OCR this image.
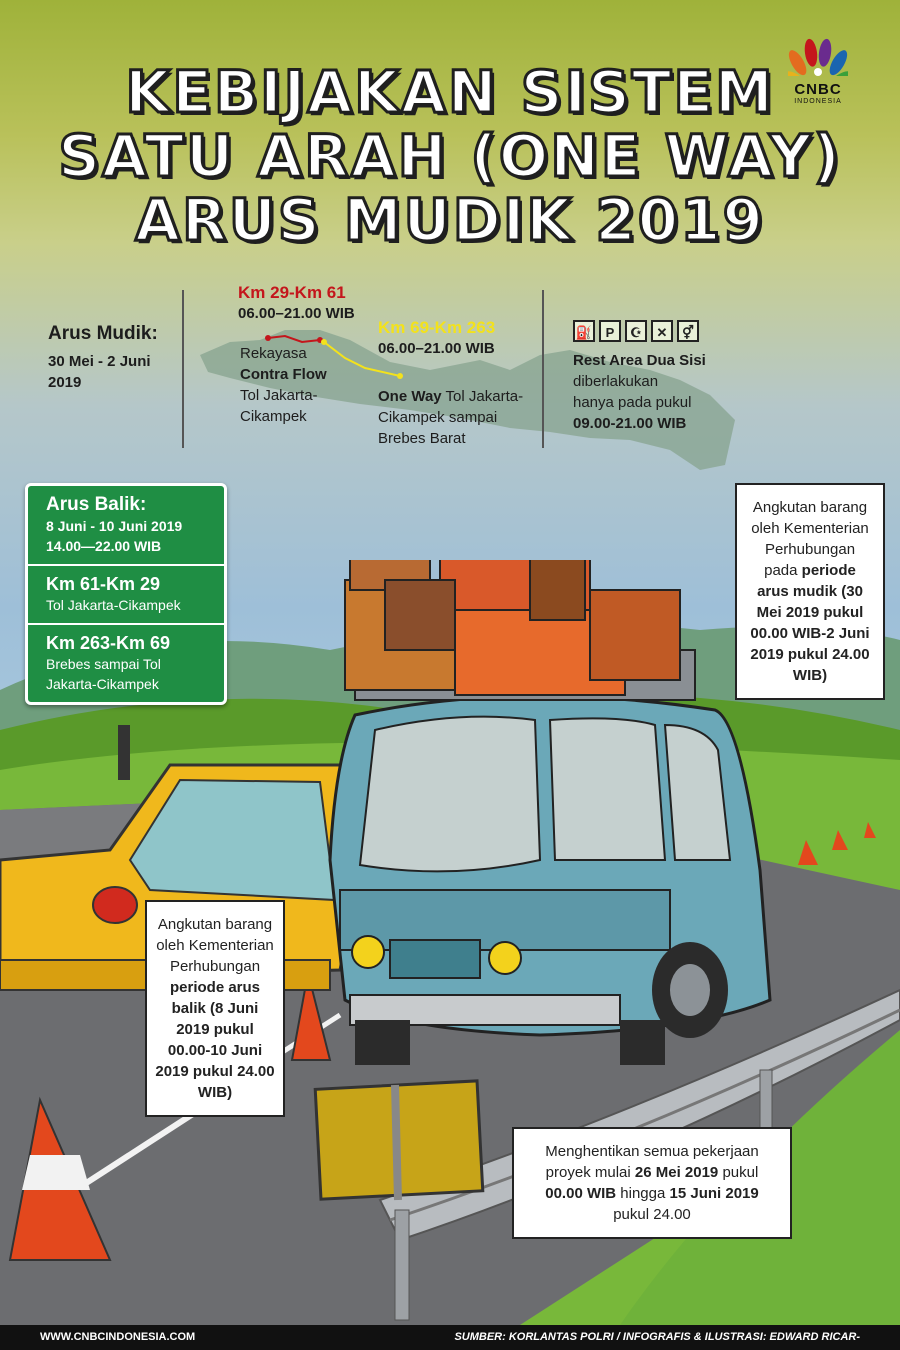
KEBIJAKAN SISTEM
SATU ARAH (ONE WAY)
ARUS MUDIK 2019
CNBC
INDONESIA
Arus Mudik:
30 Mei - 2 Juni 2019
Km 29-Km 61
06.00–21.00 WIB
Rekayasa
Contra Flow
Tol Jakarta-Cikampek
Km 69-Km 263
06.00–21.00 WIB
One Way Tol Jakarta-Cikampek sampai Brebes Barat
⛽ P ☪ ✕ ⚥
Rest Area Dua Sisi
diberlakukan
hanya pada pukul
09.00-21.00 WIB
Arus Balik:
8 Juni - 10 Juni 2019
14.00—22.00 WIB
Km 61-Km 29
Tol Jakarta-Cikampek
Km 263-Km 69
Brebes sampai Tol Jakarta-Cikampek
Angkutan barang oleh Kementerian Perhubungan pada periode arus mudik (30 Mei 2019 pukul 00.00 WIB-2 Juni 2019 pukul 24.00 WIB)
Angkutan barang oleh Kementerian Perhubungan periode arus balik (8 Juni 2019 pukul 00.00-10 Juni 2019 pukul 24.00 WIB)
Menghentikan semua pekerjaan proyek mulai 26 Mei 2019 pukul 00.00 WIB hingga 15 Juni 2019 pukul 24.00
WWW.CNBCINDONESIA.COM	SUMBER: KORLANTAS POLRI / INFOGRAFIS & ILUSTRASI: EDWARD RICAR-
